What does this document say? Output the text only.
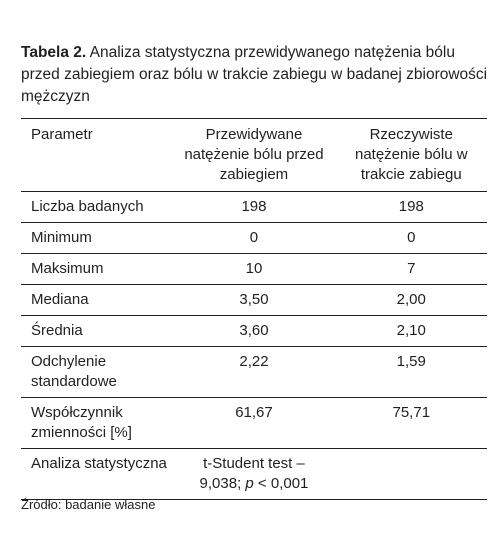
Tabela 2. Analiza statystyczna przewidywanego natężenia bólu przed zabiegiem oraz bólu w trakcie zabiegu w badanej zbiorowości mężczyzn
Parametr	Przewidywane natężenie bólu przed zabiegiem	Rzeczywiste natężenie bólu w trakcie zabiegu
Liczba badanych	198	198
Minimum	0	0
Maksimum	10	7
Mediana	3,50	2,00
Średnia	3,60	2,10
Odchylenie standardowe	2,22	1,59
Współczynnik zmienności [%]	61,67	75,71
Analiza statystyczna	t-Student test – 9,038; p < 0,001	
Źródło: badanie własne
